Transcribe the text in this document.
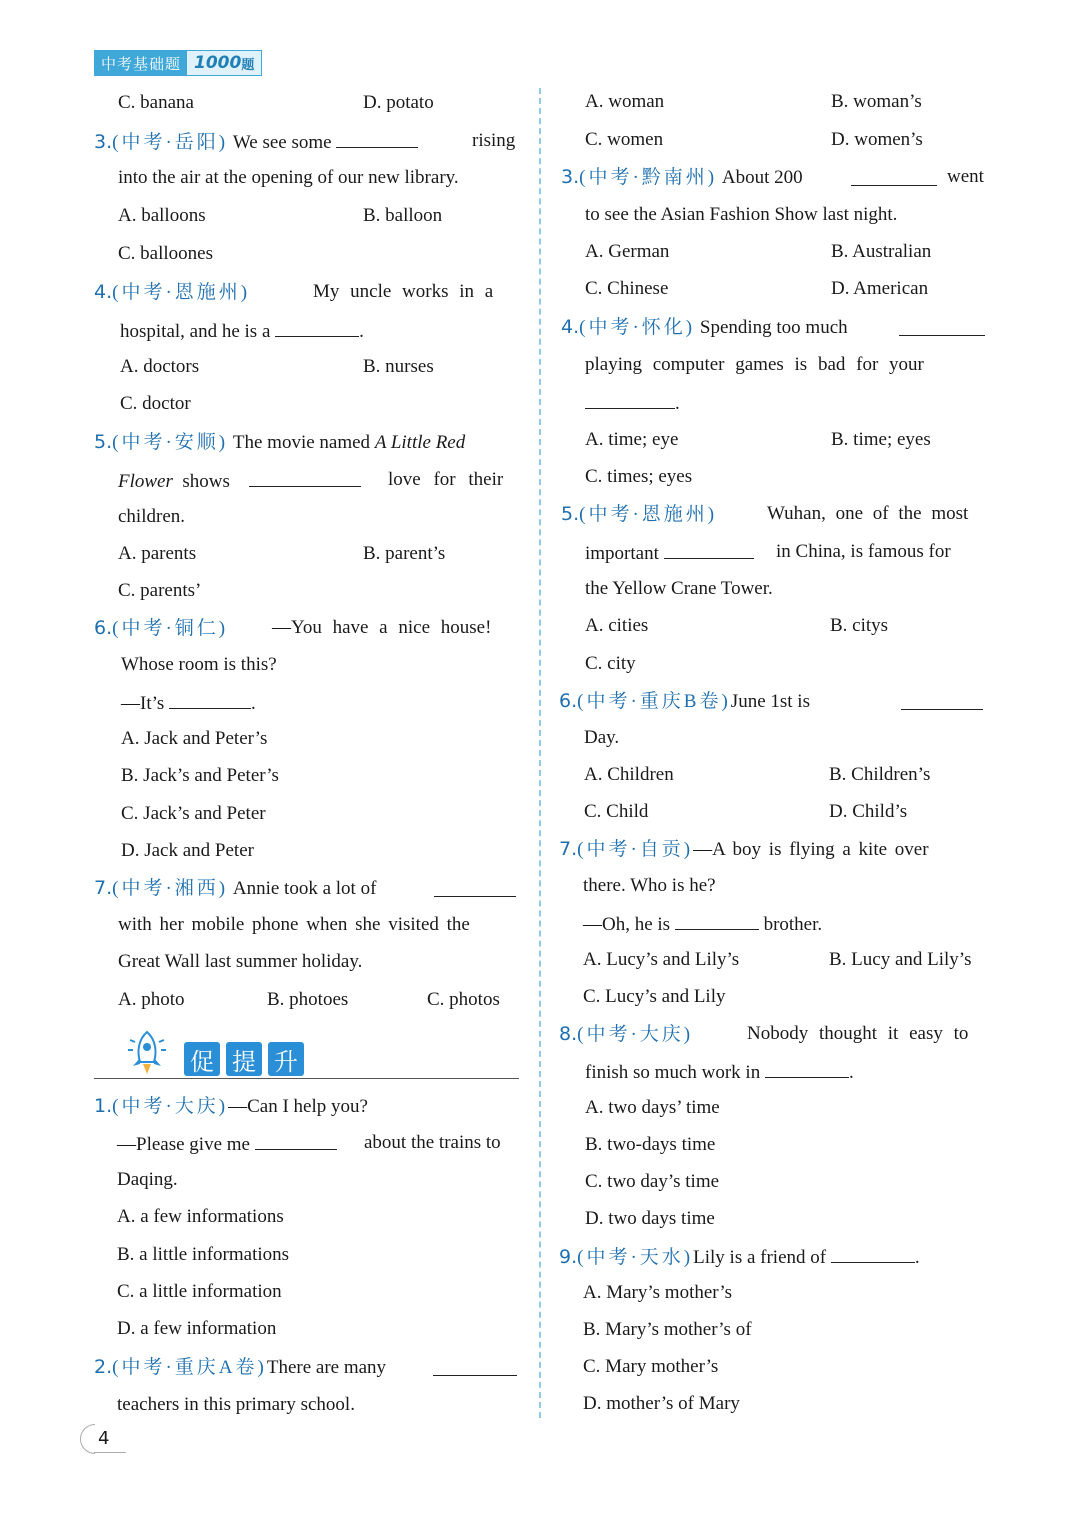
中考基础题 1000 题
C. banana	D. potato
3.(中考·岳阳) We see some	rising
into the air at the opening of our new library.
A. balloons	B. balloon
C. ballоones
4.(中考·恩施州)	My uncle works in a
hospital, and he is a	.
A. doctors	B. nurses
C. doctor
5.(中考·安顺) The movie named A Little Red
Flower shows	love for their
children.
A. parents	B. parent’s
C. parents’
6.(中考·铜仁) —You have a nice house!
Whose room is this?
—It’s	.
A. Jack and Peter’s
B. Jack’s and Peter’s
C. Jack’s and Peter
D. Jack and Peter
7.(中考·湘西) Annie took a lot of
with her mobile phone when she visited the
Great Wall last summer holiday.
A. photo	B. photoes	C. photos
促 提 升
1.(中考·大庆)—Can I help you?
—Please give me	about the trains to
Daqing.
A. a few informations
B. a little informations
C. a little information
D. a few information
2.(中考·重庆A卷)There are many
teachers in this primary school.
A. woman	B. woman’s
C. women	D. women’s
3.(中考·黔南州) About 200	went
to see the Asian Fashion Show last night.
A. German	B. Australian
C. Chinese	D. American
4.(中考·怀化) Spending too much
playing computer games is bad for your
.
A. time; eye	B. time; eyes
C. times; eyes
5.(中考·恩施州)	Wuhan, one of the most
important	in China, is famous for
the Yellow Crane Tower.
A. cities	B. citys
C. city
6.(中考·重庆B卷)June 1st is
Day.
A. Children	B. Children’s
C. Child	D. Child’s
7.(中考·自贡)—A boy is flying a kite over
there. Who is he?
—Oh, he is	brother.
A. Lucy’s and Lily’s	B. Lucy and Lily’s
C. Lucy’s and Lily
8.(中考·大庆)	Nobody thought it easy to
finish so much work in	.
A. two days’ time
B. two-days time
C. two day’s time
D. two days time
9.(中考·天水)Lily is a friend of	.
A. Mary’s mother’s
B. Mary’s mother’s of
C. Mary mother’s
D. mother’s of Mary
4
